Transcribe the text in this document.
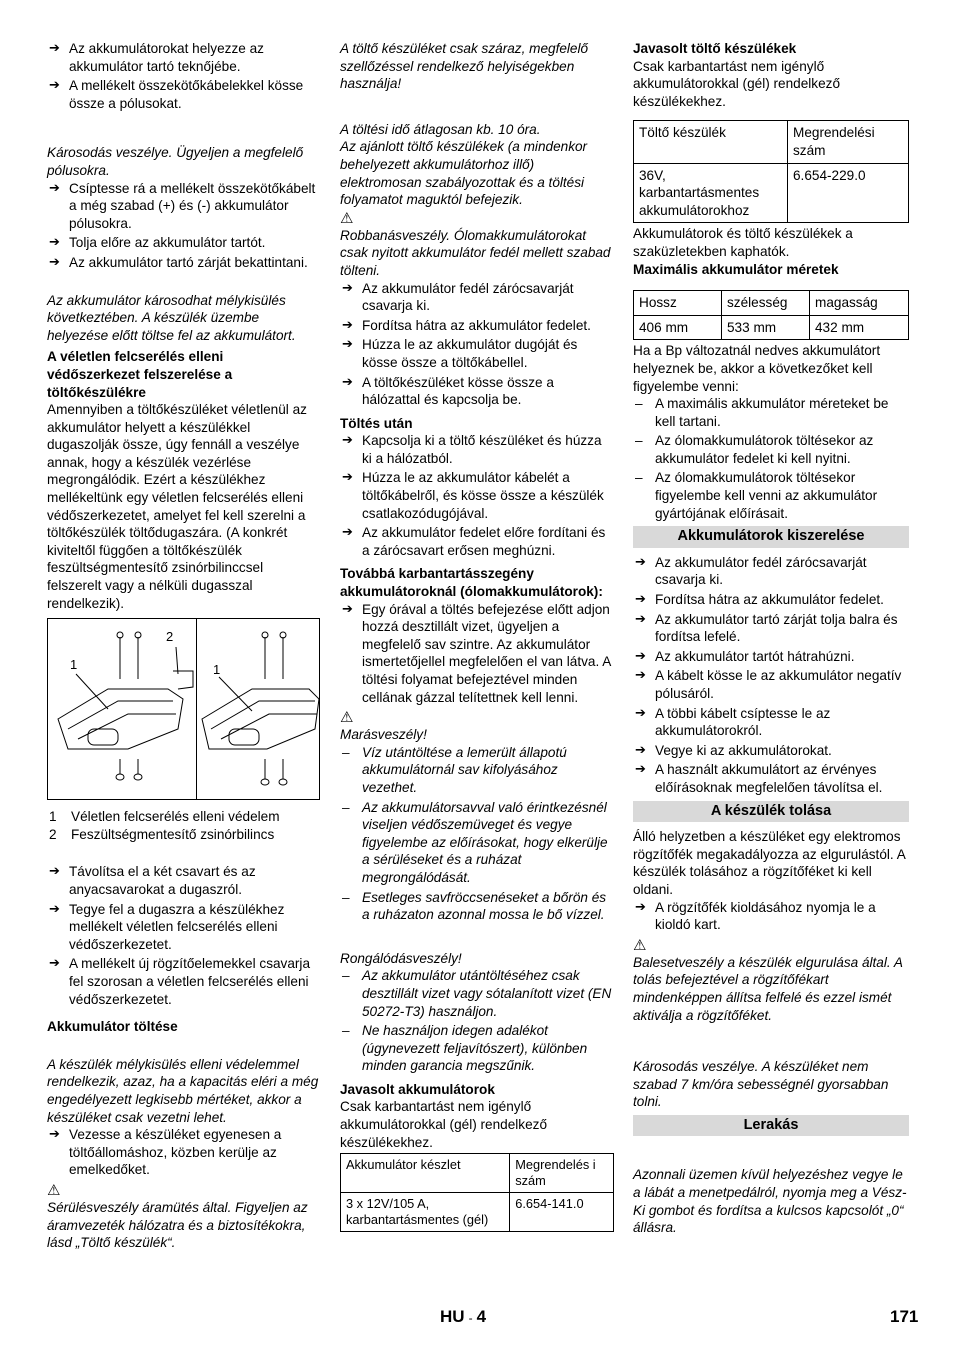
➔ Az akkumulátorokat helyezze az akkumulátor tartó teknőjébe.

➔ A mellékelt összekötőkábelekkel kösse össze a pólusokat.

Károsodás veszélye. Ügyeljen a megfelelő pólusokra.

➔ Csíptesse rá a mellékelt összekötőkábelt a még szabad (+) és (-) akkumulátor pólusokra.

➔ Tolja előre az akkumulátor tartót.

➔ Az akkumulátor tartó zárját bekattintani.

Az akkumulátor károsodhat mélykisülés következtében. A készülék üzembe helyezése előtt töltse fel az akkumulátort.

A véletlen felcserélés elleni védőszerkezet felszerelése a töltőkészülékre

Amennyiben a töltőkészüléket véletlenül az akkumulátor helyett a készülékkel dugaszolják össze, úgy fennáll a veszélye annak, hogy a készülék vezérlése megrongálódik. Ezért a készülékhez mellékeltünk egy véletlen felcserélés elleni védőszerkezetet, amelyet fel kell szerelni a töltőkészülék töltődugaszára. (A konkrét kiviteltől függően a töltőkészülék feszültségmentesítő zsinórbilinccsel felszerelt vagy a nélküli dugasszal rendelkezik).

1
2
1
1	Véletlen felcserélés elleni védelem
2	Feszültségmentesítő zsinórbilincs

➔ Távolítsa el a két csavart és az anyacsavarokat a dugaszról.

➔ Tegye fel a dugaszra a készülékhez mellékelt véletlen felcserélés elleni védőszerkezetet.

➔ A mellékelt új rögzítőelemekkel csavarja fel szorosan a véletlen felcserélés elleni védőszerkezetet.

Akkumulátor töltése

A készülék mélykisülés elleni védelemmel rendelkezik, azaz, ha a kapacitás eléri a még engedélyezett legkisebb mértéket, akkor a készüléket csak vezetni lehet.

➔ Vezesse a készüléket egyenesen a töltőállomáshoz, közben kerülje az emelkedőket.

⚠

Sérülésveszély áramütés által. Figyeljen az áramvezeték hálózatra és a biztosítékokra, lásd „Töltő készülék“.

A töltő készüléket csak száraz, megfelelő szellőzéssel rendelkező helyiségekben használja!

A töltési idő átlagosan kb. 10 óra.

Az ajánlott töltő készülékek (a mindenkor behelyezett akkumulátorhoz illő) elektromosan szabályozottak és a töltési folyamatot maguktól befejezik.

⚠

Robbanásveszély. Ólomakkumulátorokat csak nyitott akkumulátor fedél mellett szabad tölteni.

➔ Az akkumulátor fedél zárócsavarját csavarja ki.

➔ Fordítsa hátra az akkumulátor fedelet.

➔ Húzza le az akkumulátor dugóját és kösse össze a töltőkábellel.

➔ A töltőkészüléket kösse össze a hálózattal és kapcsolja be.

Töltés után

➔ Kapcsolja ki a töltő készüléket és húzza ki a hálózatból.

➔ Húzza le az akkumulátor kábelét a töltőkábelről, és kösse össze a készülék csatlakozódugójával.

➔ Az akkumulátor fedelet előre fordítani és a zárócsavart erősen meghúzni.

Továbbá karbantartásszegény akkumulátoroknál (ólomakkumulátorok):

➔ Egy órával a töltés befejezése előtt adjon hozzá desztillált vizet, ügyeljen a megfelelő sav szintre. Az akkumulátor ismertetőjellel megfelelően el van látva. A töltési folyamat befejeztével minden cellának gázzal telítettnek kell lenni.

⚠

Marásveszély!

– Víz utántöltése a lemerült állapotú akkumulátornál sav kifolyásához vezethet.

– Az akkumulátorsavval való érintkezésnél viseljen védőszemüveget és vegye figyelembe az előírásokat, hogy elkerülje a sérüléseket és a ruházat megrongálódását.

– Esetleges savfröccsenéseket a bőrön és a ruházaton azonnal mossa le bő vízzel.

Rongálódásveszély!

– Az akkumulátor utántöltéséhez csak desztillált vizet vagy sótalanított vizet (EN 50272-T3) használjon.

– Ne használjon idegen adalékot (úgynevezett feljavítószert), különben minden garancia megszűnik.

Javasolt akkumulátorok

Csak karbantartást nem igénylő akkumulátorokkal (gél) rendelkező készülékekhez.

Akkumulátor készlet	Megrendelés i szám
3 x 12V/105 A, karbantartásmentes (gél)	6.654-141.0

Javasolt töltő készülékek

Csak karbantartást nem igénylő akkumulátorokkal (gél) rendelkező készülékekhez.

Töltő készülék	Megrendelési szám
36V, karbantartásmentes akkumulátorokhoz	6.654-229.0

Akkumulátorok és töltő készülékek a szaküzletekben kaphatók.

Maximális akkumulátor méretek

Hossz	szélesség	magasság
406 mm	533 mm	432 mm

Ha a Bp változatnál nedves akkumulátort helyeznek be, akkor a következőket kell figyelembe venni:

– A maximális akkumulátor méreteket be kell tartani.

– Az ólomakkumulátorok töltésekor az akkumulátor fedelet ki kell nyitni.

– Az ólomakkumulátorok töltésekor figyelembe kell venni az akkumulátor gyártójának előírásait.

Akkumulátorok kiszerelése

➔ Az akkumulátor fedél zárócsavarját csavarja ki.

➔ Fordítsa hátra az akkumulátor fedelet.

➔ Az akkumulátor tartó zárját tolja balra és fordítsa lefelé.

➔ Az akkumulátor tartót hátrahúzni.

➔ A kábelt kösse le az akkumulátor negatív pólusáról.

➔ A többi kábelt csíptesse le az akkumulátorokról.

➔ Vegye ki az akkumulátorokat.

➔ A használt akkumulátort az érvényes előírásoknak megfelelően távolítsa el.

A készülék tolása

Álló helyzetben a készüléket egy elektromos rögzítőfék megakadályozza az elgurulástól. A készülék tolásához a rögzítőféket ki kell oldani.

➔ A rögzítőfék kioldásához nyomja le a kioldó kart.

⚠

Balesetveszély a készülék elgurulása által. A tolás befejeztével a rögzítőfékart mindenképpen állítsa felfelé és ezzel ismét aktiválja a rögzítőféket.

Károsodás veszélye. A készüléket nem szabad 7 km/óra sebességnél gyorsabban tolni.

Lerakás

Azonnali üzemen kívül helyezéshez vegye le a lábát a menetpedálról, nyomja meg a Vész-Ki gombot és fordítsa a kulcsos kapcsolót „0“ állásra.

HU - 4	171
